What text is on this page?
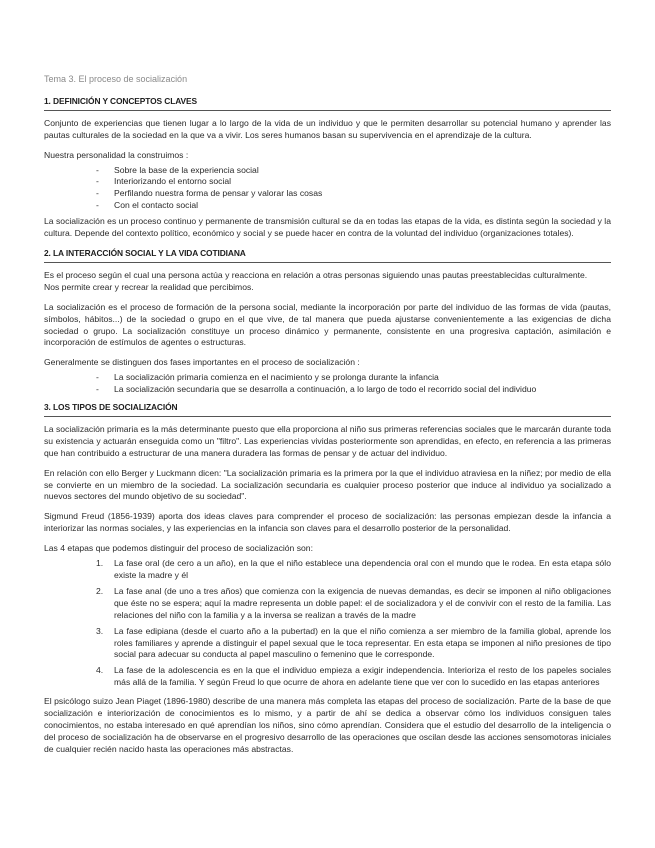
Tema 3. El proceso de socialización
1. DEFINICIÓN Y CONCEPTOS CLAVES

Conjunto de experiencias que tienen lugar a lo largo de la vida de un individuo y que le permiten desarrollar su potencial humano y aprender las pautas culturales de la sociedad en la que va a vivir. Los seres humanos basan su supervivencia en el aprendizaje de la cultura.

Nuestra personalidad la construimos :

- Sobre la base de la experiencia social
- Interiorizando el entorno social
- Perfilando nuestra forma de pensar y valorar las cosas
- Con el contacto social

La socialización es un proceso continuo y permanente de transmisión cultural se da en todas las etapas de la vida, es distinta según la sociedad y la cultura. Depende del contexto político, económico y social y se puede hacer en contra de la voluntad del individuo (organizaciones totales).

2. LA INTERACCIÓN SOCIAL Y LA VIDA COTIDIANA

Es el proceso según el cual una persona actúa y reacciona en relación a otras personas siguiendo unas pautas preestablecidas culturalmente.

Nos permite crear y recrear la realidad que percibimos.

La socialización es el proceso de formación de la persona social, mediante la incorporación por parte del individuo de las formas de vida (pautas, símbolos, hábitos...) de la sociedad o grupo en el que vive, de tal manera que pueda ajustarse convenientemente a las exigencias de dicha sociedad o grupo. La socialización constituye un proceso dinámico y permanente, consistente en una progresiva captación, asimilación e incorporación de estímulos de agentes o estructuras.

Generalmente se distinguen dos fases importantes en el proceso de socialización :

- La socialización primaria comienza en el nacimiento y se prolonga durante la infancia
- La socialización secundaria que se desarrolla a continuación, a lo largo de todo el recorrido social del individuo
3. LOS TIPOS DE SOCIALIZACIÓN

La socialización primaria es la más determinante puesto que ella proporciona al niño sus primeras referencias sociales que le marcarán durante toda su existencia y actuarán enseguida como un "filtro". Las experiencias vividas posteriormente son aprendidas, en efecto, en referencia a las primeras que han contribuido a estructurar de una manera duradera las formas de pensar y de actuar del individuo.

En relación con ello Berger y Luckmann dicen: "La socialización primaria es la primera por la que el individuo atraviesa en la niñez; por medio de ella se convierte en un miembro de la sociedad. La socialización secundaria es cualquier proceso posterior que induce al individuo ya socializado a nuevos sectores del mundo objetivo de su sociedad".

Sigmund Freud (1856-1939) aporta dos ideas claves para comprender el proceso de socialización: las personas empiezan desde la infancia a interiorizar las normas sociales, y las experiencias en la infancia son claves para el desarrollo posterior de la personalidad.

Las 4 etapas que podemos distinguir del proceso de socialización son:

La fase oral (de cero a un año), en la que el niño establece una dependencia oral con el mundo que le rodea. En esta etapa sólo existe la madre y él
La fase anal (de uno a tres años) que comienza con la exigencia de nuevas demandas, es decir se imponen al niño obligaciones que éste no se espera; aquí la madre representa un doble papel: el de socializadora y el de convivir con el resto de la familia. Las relaciones del niño con la familia y a la inversa se realizan a través de la madre
La fase edipiana (desde el cuarto año a la pubertad) en la que el niño comienza a ser miembro de la familia global, aprende los roles familiares y aprende a distinguir el papel sexual que le toca representar. En esta etapa se imponen al niño presiones de tipo social para adecuar su conducta al papel masculino o femenino que le corresponde.
La fase de la adolescencia es en la que el individuo empieza a exigir independencia. Interioriza el resto de los papeles sociales más allá de la familia. Y según Freud lo que ocurre de ahora en adelante tiene que ver con lo sucedido en las etapas anteriores

El psicólogo suizo Jean Piaget (1896-1980) describe de una manera más completa las etapas del proceso de socialización. Parte de la base de que socialización e interiorización de conocimientos es lo mismo, y a partir de ahí se dedica a observar cómo los individuos consiguen tales conocimientos, no estaba interesado en qué aprendían los niños, sino cómo aprendían. Considera que el estudio del desarrollo de la inteligencia o del proceso de socialización ha de observarse en el progresivo desarrollo de las operaciones que oscilan desde las acciones sensomotoras iniciales de cualquier recién nacido hasta las operaciones más abstractas.
